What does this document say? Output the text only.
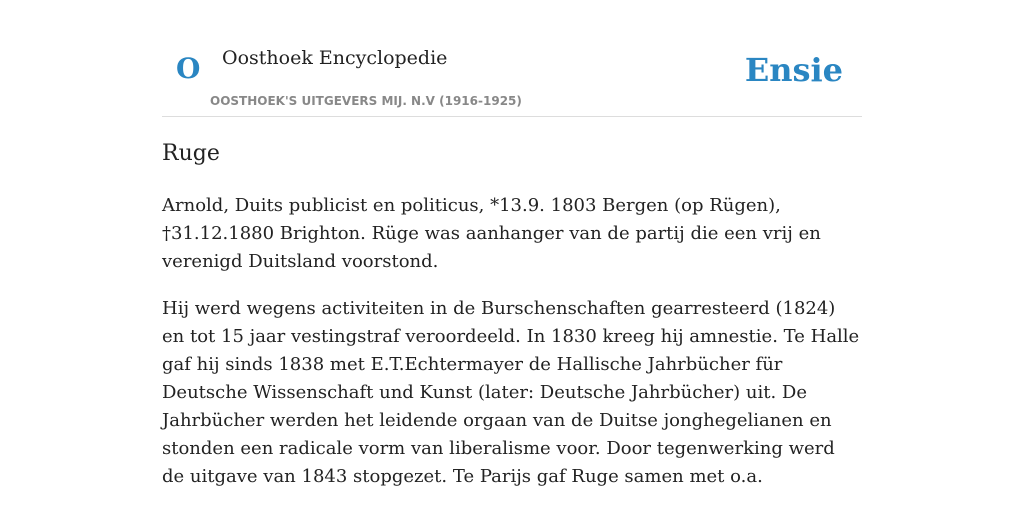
O Oosthoek Encyclopedie
OOSTHOEK'S UITGEVERS MIJ. N.V (1916-1925)
Ensie
Ruge

Arnold, Duits publicist en politicus, *13.9. 1803 Bergen (op Rügen), †31.12.1880 Brighton. Rüge was aanhanger van de partij die een vrij en verenigd Duitsland voorstond.

Hij werd wegens activiteiten in de Burschenschaften gearresteerd (1824) en tot 15 jaar vestingstraf veroordeeld. In 1830 kreeg hij amnestie. Te Halle gaf hij sinds 1838 met E.T.Echtermayer de Hallische Jahrbücher für Deutsche Wissenschaft und Kunst (later: Deutsche Jahrbücher) uit. De Jahrbücher werden het leidende orgaan van de Duitse jonghegelianen en stonden een radicale vorm van liberalisme voor. Door tegenwerking werd de uitgave van 1843 stopgezet. Te Parijs gaf Ruge samen met o.a.
